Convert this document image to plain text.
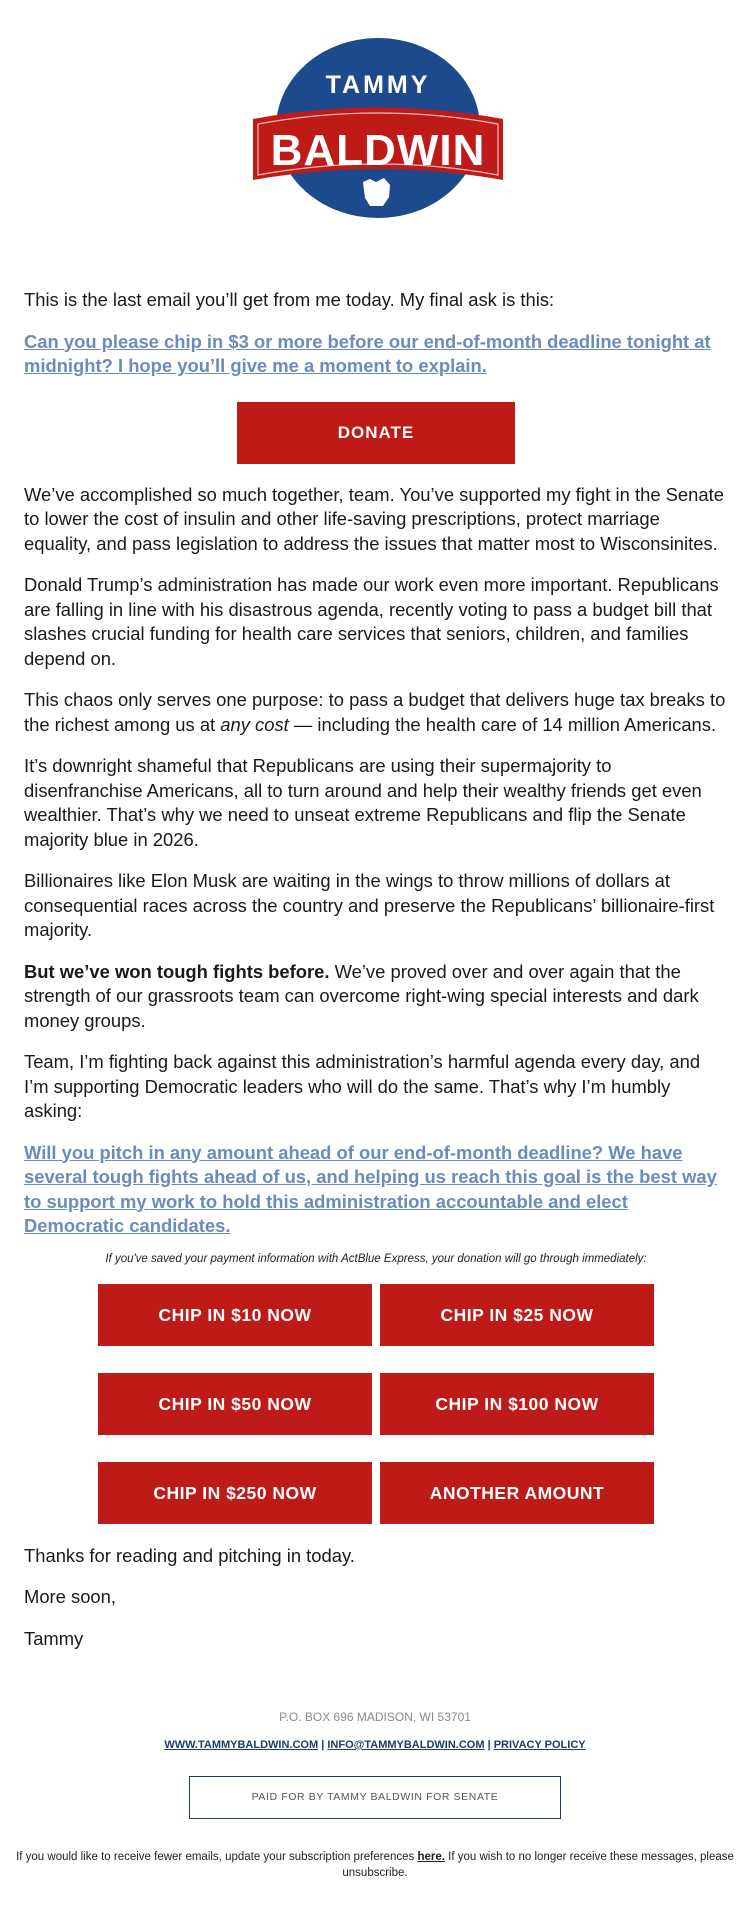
TAMMY
BALDWIN

This is the last email you’ll get from me today. My final ask is this:

Can you please chip in $3 or more before our end-of-month deadline tonight at midnight? I hope you’ll give me a moment to explain.
DONATE

We’ve accomplished so much together, team. You’ve supported my fight in the Senate to lower the cost of insulin and other life-saving prescriptions, protect marriage equality, and pass legislation to address the issues that matter most to Wisconsinites.

Donald Trump’s administration has made our work even more important. Republicans are falling in line with his disastrous agenda, recently voting to pass a budget bill that slashes crucial funding for health care services that seniors, children, and families depend on.

This chaos only serves one purpose: to pass a budget that delivers huge tax breaks to the richest among us at any cost — including the health care of 14 million Americans.

It’s downright shameful that Republicans are using their supermajority to disenfranchise Americans, all to turn around and help their wealthy friends get even wealthier. That’s why we need to unseat extreme Republicans and flip the Senate majority blue in 2026.

Billionaires like Elon Musk are waiting in the wings to throw millions of dollars at consequential races across the country and preserve the Republicans’ billionaire-first majority.

But we’ve won tough fights before. We’ve proved over and over again that the strength of our grassroots team can overcome right-wing special interests and dark money groups.

Team, I’m fighting back against this administration’s harmful agenda every day, and I’m supporting Democratic leaders who will do the same. That’s why I’m humbly asking:

Will you pitch in any amount ahead of our end-of-month deadline? We have several tough fights ahead of us, and helping us reach this goal is the best way to support my work to hold this administration accountable and elect Democratic candidates.

If you've saved your payment information with ActBlue Express, your donation will go through immediately:

CHIP IN $10 NOW	CHIP IN $25 NOW
CHIP IN $50 NOW	CHIP IN $100 NOW
CHIP IN $250 NOW	ANOTHER AMOUNT

Thanks for reading and pitching in today.

More soon,

Tammy

P.O. BOX 696 MADISON, WI 53701

WWW.TAMMYBALDWIN.COM | INFO@TAMMYBALDWIN.COM | PRIVACY POLICY

PAID FOR BY TAMMY BALDWIN FOR SENATE

If you would like to receive fewer emails, update your subscription preferences here. If you wish to no longer receive these messages, please unsubscribe.
